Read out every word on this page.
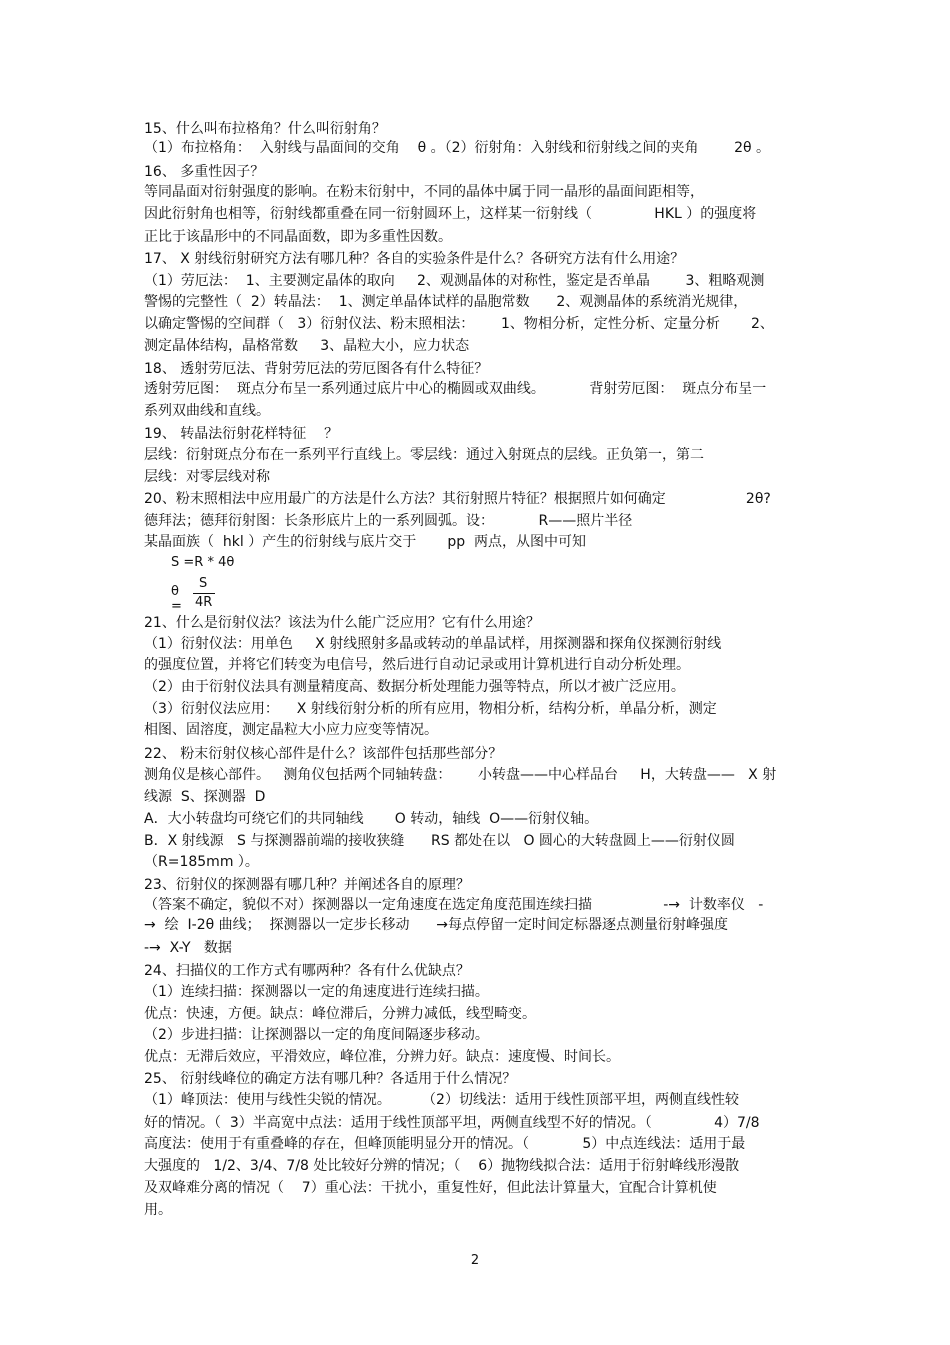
S =R * 4θ
θ =
S
4R
2
15、什么叫布拉格角？什么叫衍射角？
（1）布拉格角：  入射线与晶面间的交角    θ 。（2）衍射角：入射线和衍射线之间的夹角        2θ 。
16、 多重性因子？
等同晶面对衍射强度的影响。在粉末衍射中，不同的晶体中属于同一晶形的晶面间距相等，
因此衍射角也相等，衍射线都重叠在同一衍射圆环上，这样某一衍射线（              HKL ）的强度将
正比于该晶形中的不同晶面数，即为多重性因数。
17、 X 射线衍射研究方法有哪几种？各自的实验条件是什么？各研究方法有什么用途？
（1）劳厄法：  1、主要测定晶体的取向     2、观测晶体的对称性，鉴定是否单晶        3、粗略观测
警惕的完整性（  2）转晶法：  1、测定单晶体试样的晶胞常数      2、观测晶体的系统消光规律，
以确定警惕的空间群（   3）衍射仪法、粉末照相法：      1、物相分析，定性分析、定量分析       2、
测定晶体结构，晶格常数     3、晶粒大小，应力状态
18、 透射劳厄法、背射劳厄法的劳厄图各有什么特征？
透射劳厄图：  斑点分布呈一系列通过底片中心的椭圆或双曲线。          背射劳厄图：  斑点分布呈一
系列双曲线和直线。
19、 转晶法衍射花样特征    ？
层线：衍射斑点分布在一系列平行直线上。零层线：通过入射斑点的层线。正负第一，第二
层线：对零层线对称
20、粉末照相法中应用最广的方法是什么方法？其衍射照片特征？根据照片如何确定                  2θ?
德拜法；德拜衍射图：长条形底片上的一系列圆弧。设：          R——照片半径
某晶面族（  hkl ）产生的衍射线与底片交于       pp  两点，从图中可知
21、什么是衍射仪法？该法为什么能广泛应用？它有什么用途？
（1）衍射仪法：用单色     X 射线照射多晶或转动的单晶试样，用探测器和探角仪探测衍射线
的强度位置，并将它们转变为电信号，然后进行自动记录或用计算机进行自动分析处理。
（2）由于衍射仪法具有测量精度高、数据分析处理能力强等特点，所以才被广泛应用。
（3）衍射仪法应用：    X 射线衍射分析的所有应用，物相分析，结构分析，单晶分析，测定
相图、固溶度，测定晶粒大小应力应变等情况。
22、 粉末衍射仪核心部件是什么？该部件包括那些部分？
测角仪是核心部件。   测角仪包括两个同轴转盘：      小转盘——中心样品台     H，大转盘——   X 射
线源  S、探测器  D
A．大小转盘均可绕它们的共同轴线       O 转动，轴线  O——衍射仪轴。
B．X 射线源   S 与探测器前端的接收狭缝      RS 都处在以   O 圆心的大转盘圆上——衍射仪圆
（R=185mm ）。
23、衍射仪的探测器有哪几种？并阐述各自的原理？
（答案不确定，貌似不对）探测器以一定角速度在选定角度范围连续扫描                -→  计数率仪   -
→  绘  I-2θ 曲线；  探测器以一定步长移动      →每点停留一定时间定标器逐点测量衍射峰强度
-→  X-Y   数据
24、扫描仪的工作方式有哪两种？各有什么优缺点？
（1）连续扫描：探测器以一定的角速度进行连续扫描。
优点：快速，方便。缺点：峰位滞后，分辨力减低，线型畸变。
（2）步进扫描：让探测器以一定的角度间隔逐步移动。
优点：无滞后效应，平滑效应，峰位准，分辨力好。缺点：速度慢、时间长。
25、 衍射线峰位的确定方法有哪几种？各适用于什么情况？
（1）峰顶法：使用与线性尖锐的情况。       （2）切线法：适用于线性顶部平坦，两侧直线性较
好的情况。（  3）半高宽中点法：适用于线性顶部平坦，两侧直线型不好的情况。（              4）7/8
高度法：使用于有重叠峰的存在，但峰顶能明显分开的情况。（            5）中点连线法：适用于最
大强度的   1/2、3/4、7/8 处比较好分辨的情况；（    6）抛物线拟合法：适用于衍射峰线形漫散
及双峰难分离的情况（    7）重心法：干扰小，重复性好，但此法计算量大，宜配合计算机使
用。
